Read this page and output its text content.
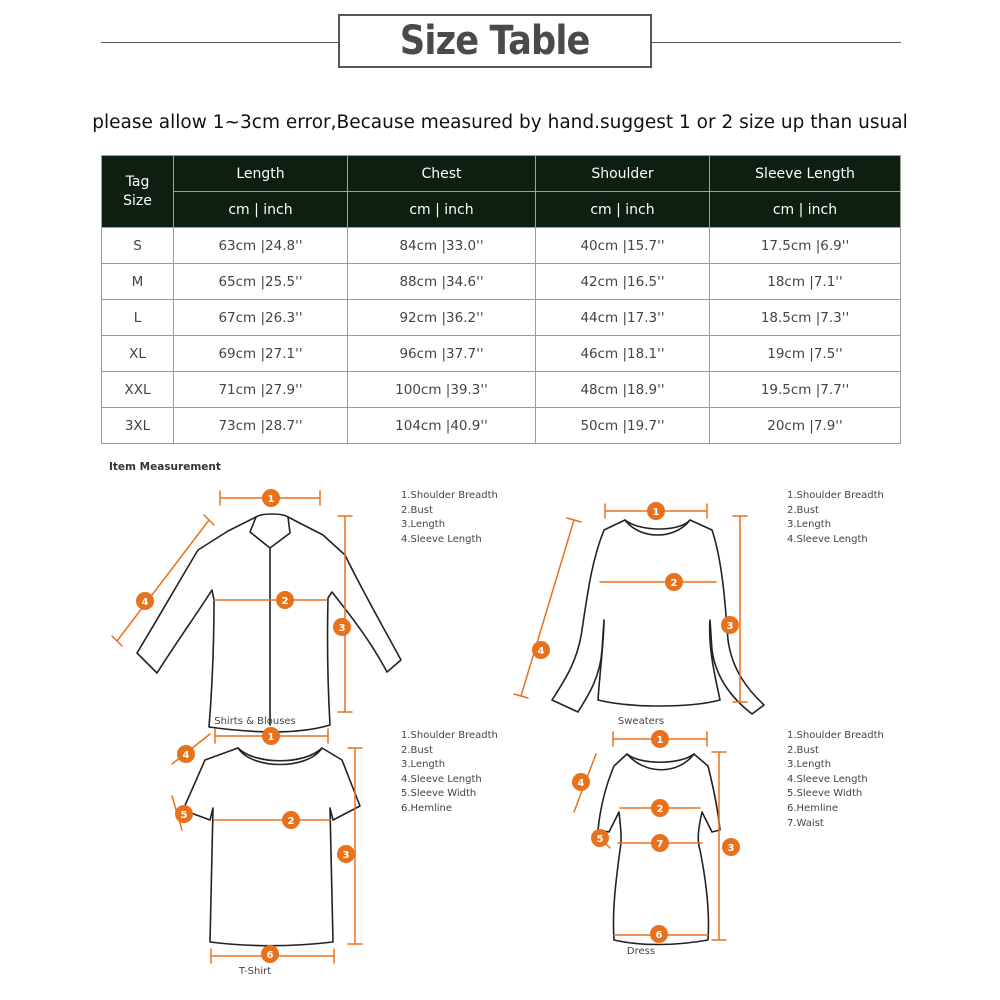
Size Table
please allow 1~3cm error,Because measured by hand.suggest 1 or 2 size up than usual
Tag
Size	Length	Chest	Shoulder	Sleeve Length
	cm | inch	cm | inch	cm | inch	cm | inch
S	63cm |24.8''	84cm |33.0''	40cm |15.7''	17.5cm |6.9''
M	65cm |25.5''	88cm |34.6''	42cm |16.5''	18cm |7.1''
L	67cm |26.3''	92cm |36.2''	44cm |17.3''	18.5cm |7.3''
XL	69cm |27.1''	96cm |37.7''	46cm |18.1''	19cm |7.5''
XXL	71cm |27.9''	100cm |39.3''	48cm |18.9''	19.5cm |7.7''
3XL	73cm |28.7''	104cm |40.9''	50cm |19.7''	20cm |7.9''
Item Measurement
1
2
3
4
1
2
3
4
1
2
3
4
5
6
1
2
7	3
4
5
6
Shirts & Blouses	Sweaters
T-Shirt
Dress
1.Shoulder Breadth
2.Bust
3.Length
4.Sleeve Length
1.Shoulder Breadth
2.Bust
3.Length
4.Sleeve Length
1.Shoulder Breadth
2.Bust
3.Length
4.Sleeve Length
5.Sleeve Width
6.Hemline
1.Shoulder Breadth
2.Bust
3.Length
4.Sleeve Length
5.Sleeve Width
6.Hemline
7.Waist
